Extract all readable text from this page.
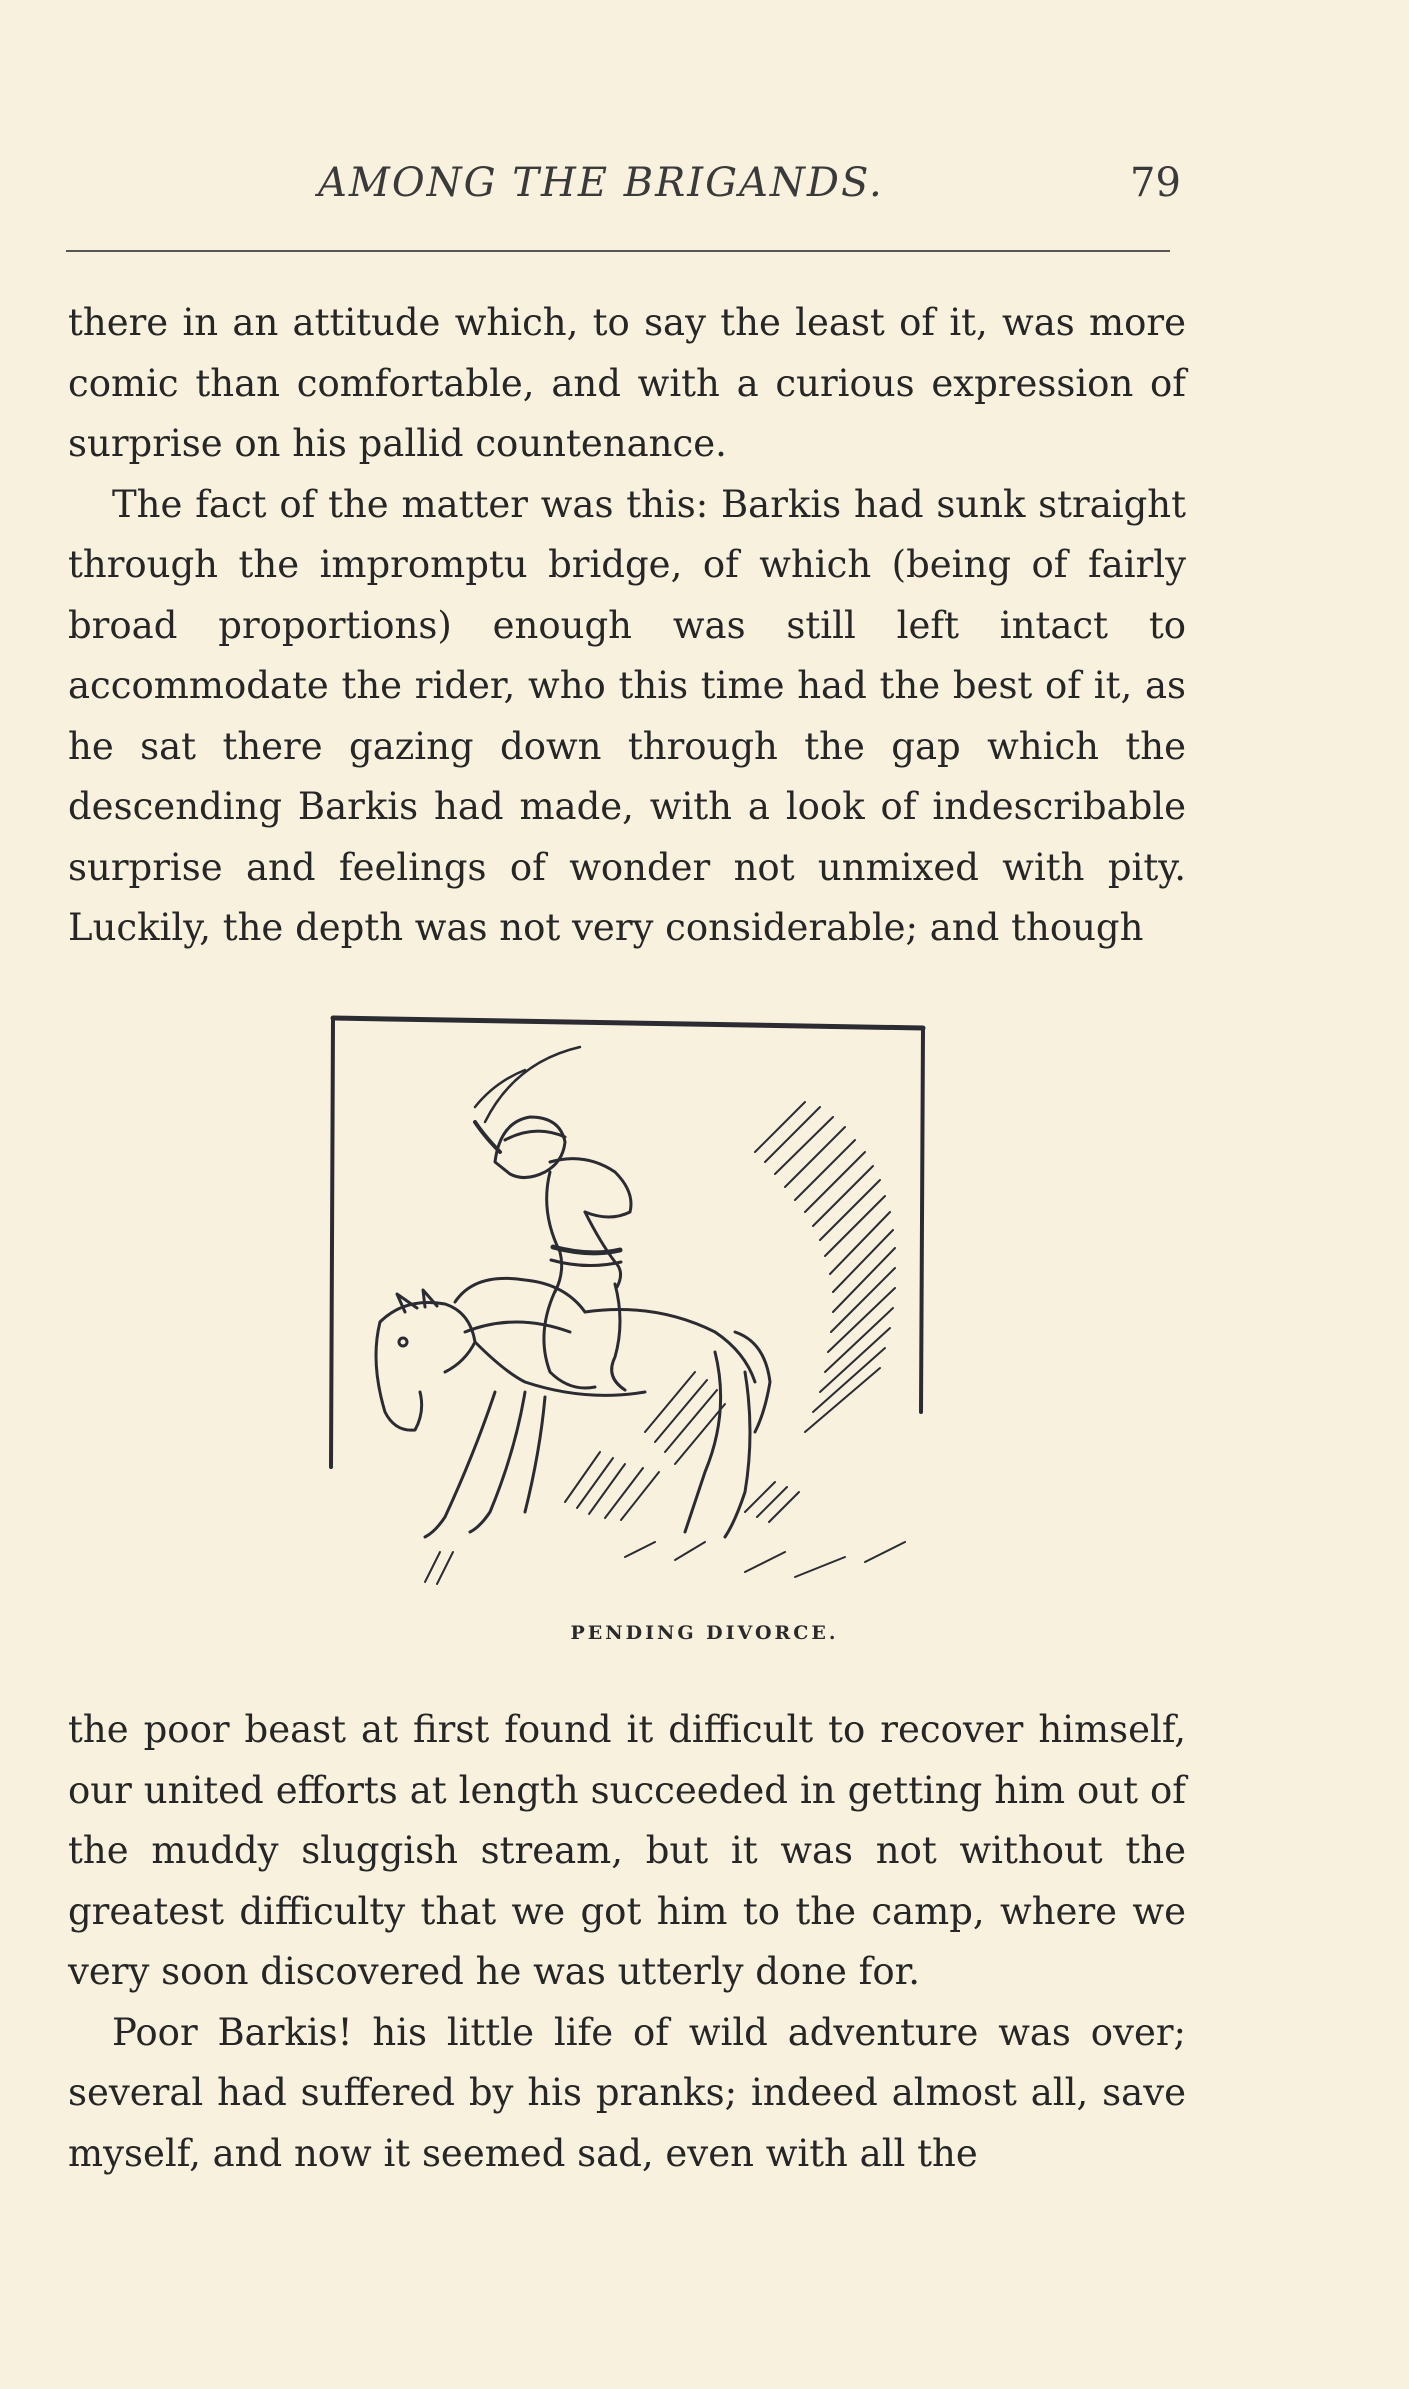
AMONG THE BRIGANDS.	79

there in an attitude which, to say the least of it, was more comic than comfortable, and with a curious expression of surprise on his pallid countenance.

The fact of the matter was this: Barkis had sunk straight through the impromptu bridge, of which (being of fairly broad proportions) enough was still left intact to accommodate the rider, who this time had the best of it, as he sat there gazing down through the gap which the descending Barkis had made, with a look of indescribable surprise and feelings of wonder not unmixed with pity. Luckily, the depth was not very considerable; and though

PENDING DIVORCE.

the poor beast at first found it difficult to recover himself, our united efforts at length succeeded in getting him out of the muddy sluggish stream, but it was not without the greatest difficulty that we got him to the camp, where we very soon discovered he was utterly done for.

Poor Barkis! his little life of wild adventure was over; several had suffered by his pranks; indeed almost all, save myself, and now it seemed sad, even with all the
